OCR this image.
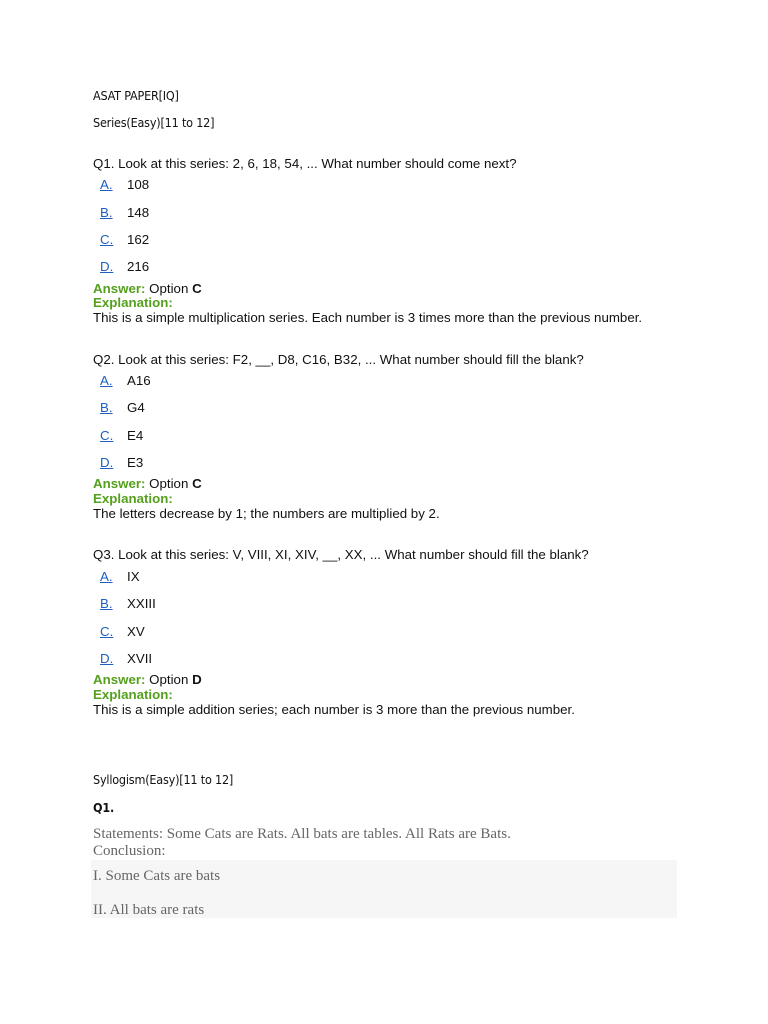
ASAT PAPER[IQ]
Series(Easy)[11 to 12]
Q1. Look at this series: 2, 6, 18, 54, ... What number should come next?
A. 108
B. 148
C. 162
D. 216
Answer: Option C
Explanation:
This is a simple multiplication series. Each number is 3 times more than the previous number.
Q2. Look at this series: F2, __, D8, C16, B32, ... What number should fill the blank?
A. A16
B. G4
C. E4
D. E3
Answer: Option C
Explanation:
The letters decrease by 1; the numbers are multiplied by 2.
Q3. Look at this series: V, VIII, XI, XIV, __, XX, ... What number should fill the blank?
A. IX
B. XXIII
C. XV
D. XVII
Answer: Option D
Explanation:
This is a simple addition series; each number is 3 more than the previous number.
Syllogism(Easy)[11 to 12]
Q1.
Statements: Some Cats are Rats. All bats are tables. All Rats are Bats.
Conclusion:
I. Some Cats are bats
II. All bats are rats
